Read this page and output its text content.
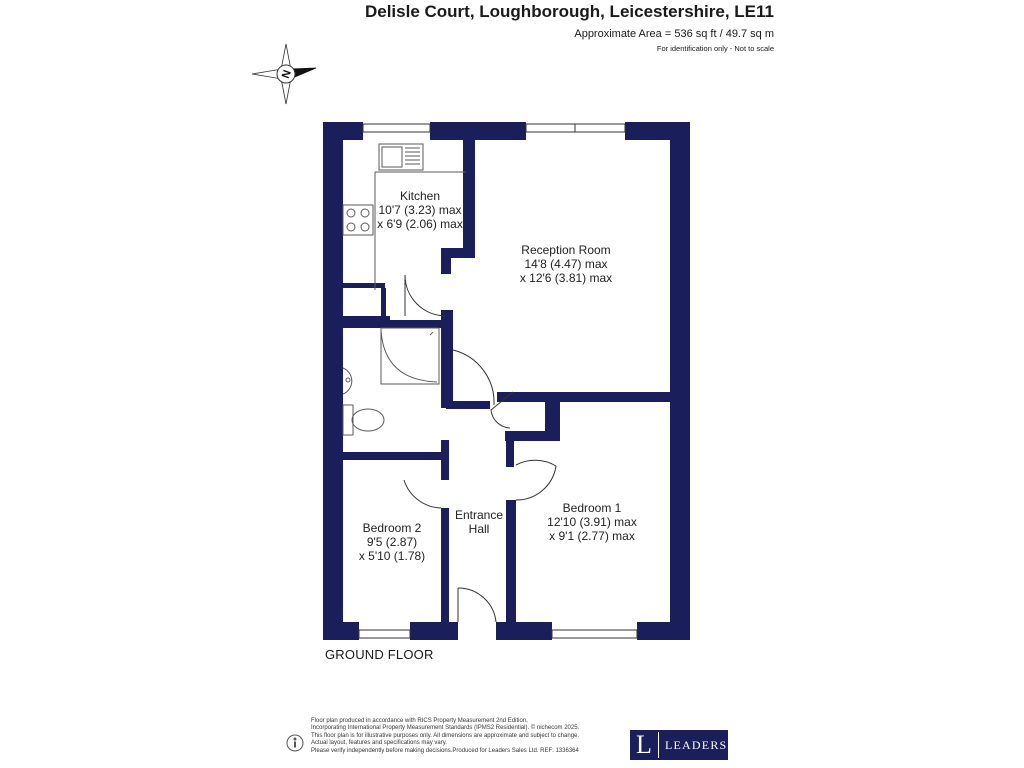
Delisle Court, Loughborough, Leicestershire, LE11
Approximate Area = 536 sq ft / 49.7 sq m
For identification only - Not to scale
N
Kitchen
10'7 (3.23) max
x 6'9 (2.06) max
Reception Room
14'8 (4.47) max
x 12'6 (3.81) max
Bedroom 1
12'10 (3.91) max
x 9'1 (2.77) max
Bedroom 2
9'5 (2.87)
x 5'10 (1.78)
Entrance
Hall
GROUND FLOOR
Floor plan produced in accordance with RICS Property Measurement 2nd Edition,
Incorporating International Property Measurement Standards (IPMS2 Residential). © nichecom 2025.
This floor plan is for illustrative purposes only. All dimensions are approximate and subject to change.
Actual layout, features and specifications may vary.
Please verify independently before making decisions.Produced for Leaders Sales Ltd. REF: 1336364	L	LEADERS
